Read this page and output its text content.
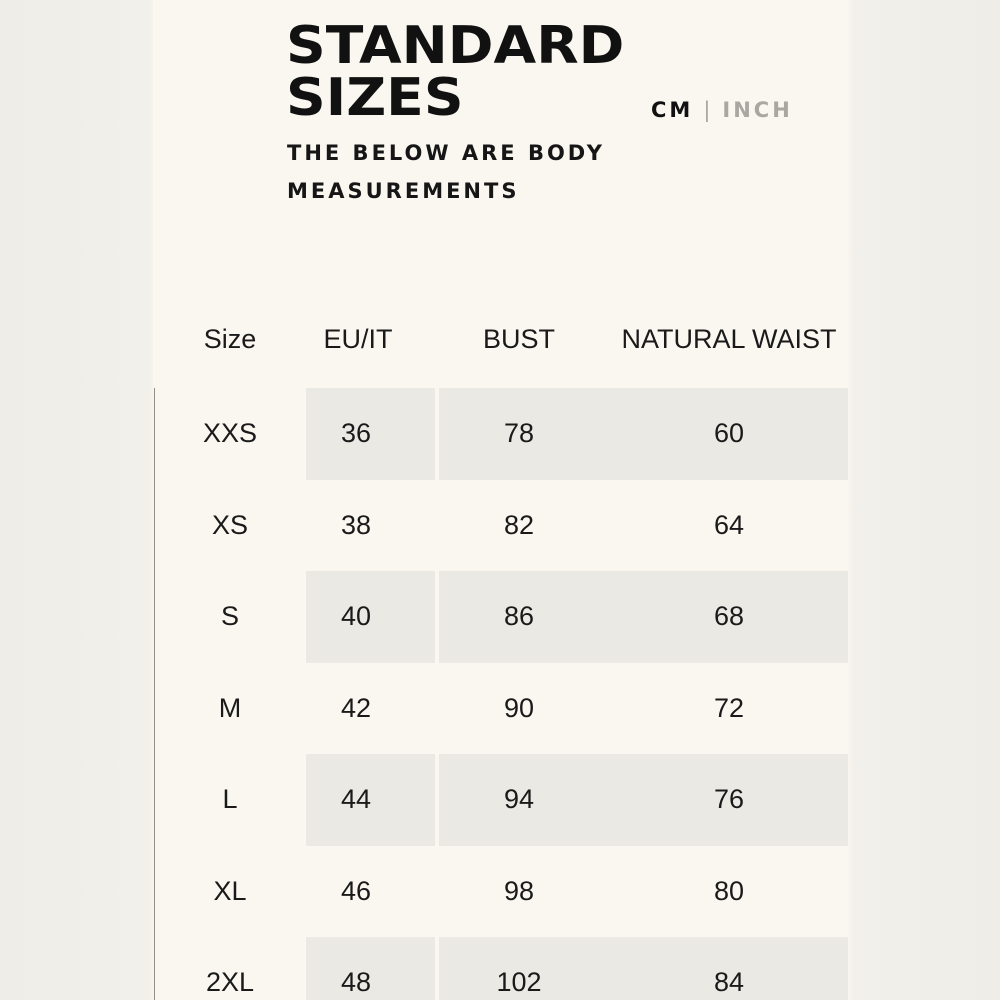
STANDARD
SIZES

THE BELOW ARE BODY MEASUREMENTS

CM | INCH
Size	EU/IT	BUST	NATURAL WAIST
XXS	36	78	60
XS	38	82	64
S	40	86	68
M	42	90	72
L	44	94	76
XL	46	98	80
2XL	48	102	84
